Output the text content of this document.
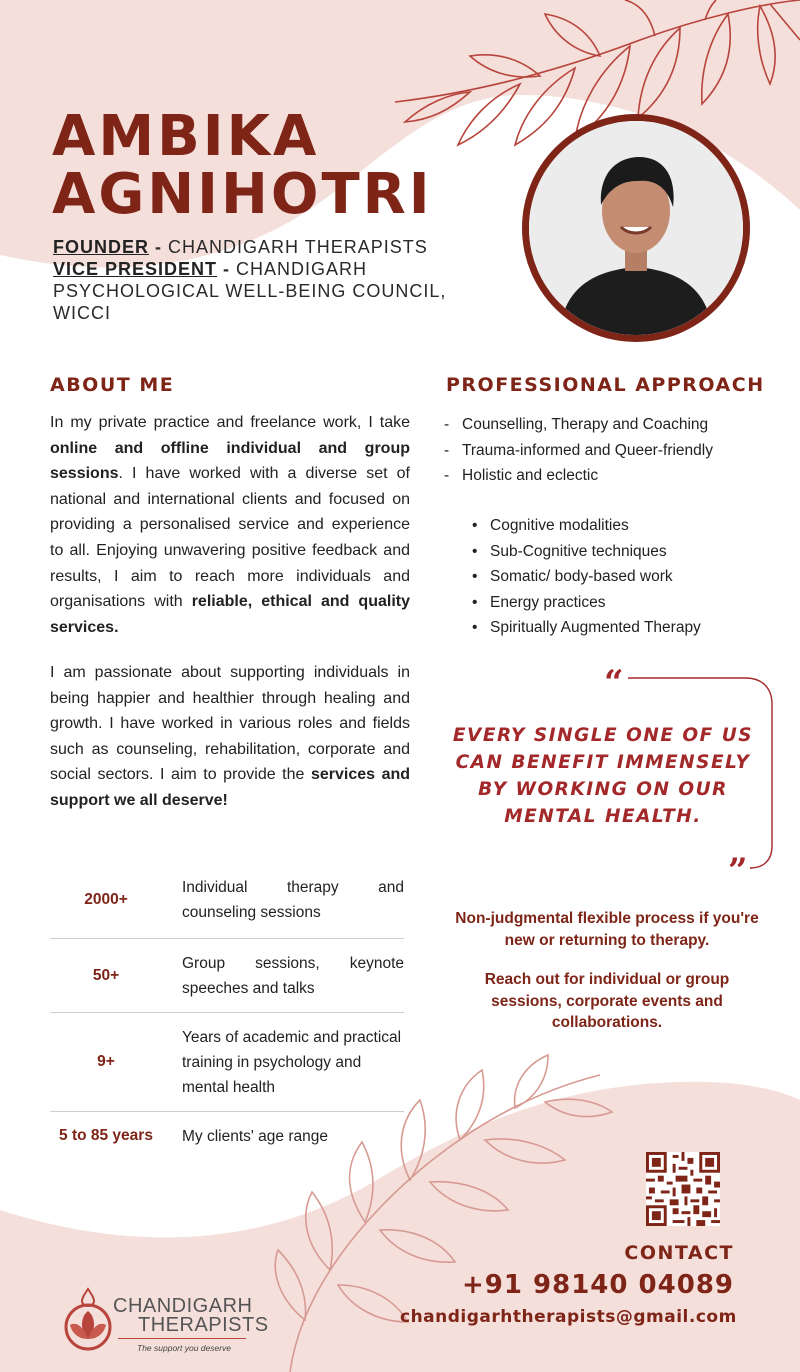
AMBIKA
AGNIHOTRI
FOUNDER - CHANDIGARH THERAPISTS
VICE PRESIDENT - CHANDIGARH PSYCHOLOGICAL WELL-BEING COUNCIL, WICCI
ABOUT ME

In my private practice and freelance work, I take online and offline individual and group sessions. I have worked with a diverse set of national and international clients and focused on providing a personalised service and experience to all. Enjoying unwavering positive feedback and results, I aim to reach more individuals and organisations with reliable, ethical and quality services.

I am passionate about supporting individuals in being happier and healthier through healing and growth. I have worked in various roles and fields such as counseling, rehabilitation, corporate and social sectors. I aim to provide the services and support we all deserve!

PROFESSIONAL APPROACH
- Counselling, Therapy and Coaching
- Trauma-informed and Queer-friendly
- Holistic and eclectic
• Cognitive modalities
• Sub-Cognitive techniques
• Somatic/ body-based work
• Energy practices
• Spiritually Augmented Therapy
“
”

EVERY SINGLE ONE OF US CAN BENEFIT IMMENSELY BY WORKING ON OUR MENTAL HEALTH.

Non-judgmental flexible process if you're new or returning to therapy.

Reach out for individual or group sessions, corporate events and collaborations.

2000+
Individual therapy and counseling sessions
50+
Group sessions, keynote speeches and talks
9+
Years of academic and practical training in psychology and mental health
5 to 85 years	My clients' age range
CONTACT
+91 98140 04089
chandigarhtherapists@gmail.com
CHANDIGARH
THERAPISTS
The support you deserve
